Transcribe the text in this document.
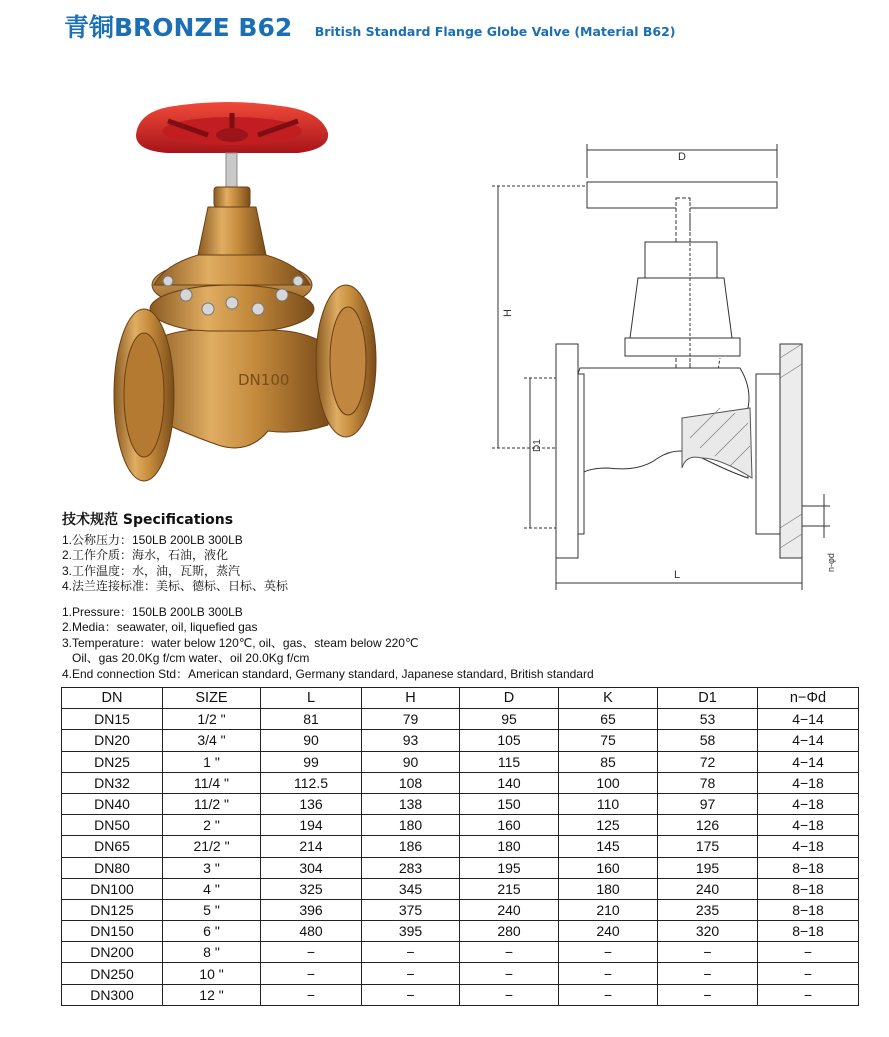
青铜BRONZE B62 British Standard Flange Globe Valve (Material B62)
DN100
D
H
D1
L
n-φd
技术规范 Specifications
1.公称压力：150LB 200LB 300LB
2.工作介质：海水，石油，液化
3.工作温度：水，油，瓦斯，蒸汽
4.法兰连接标准：美标、德标、日标、英标
1.Pressure：150LB 200LB 300LB
2.Media：seawater, oil, liquefied gas
3.Temperature：water below 120℃, oil、gas、steam below 220℃
Oil、gas 20.0Kg f/cm water、oil 20.0Kg f/cm
4.End connection Std：American standard, Germany standard, Japanese standard, British standard
DN	SIZE	L	H	D	K	D1	n−Φd
DN15	1/2 "	81	79	95	65	53	4−14
DN20	3/4 "	90	93	105	75	58	4−14
DN25	1 "	99	90	115	85	72	4−14
DN32	11/4 "	112.5	108	140	100	78	4−18
DN40	11/2 "	136	138	150	110	97	4−18
DN50	2 "	194	180	160	125	126	4−18
DN65	21/2 "	214	186	180	145	175	4−18
DN80	3 "	304	283	195	160	195	8−18
DN100	4 "	325	345	215	180	240	8−18
DN125	5 "	396	375	240	210	235	8−18
DN150	6 "	480	395	280	240	320	8−18
DN200	8 "	−	−	−	−	−	−
DN250	10 "	−	−	−	−	−	−
DN300	12 "	−	−	−	−	−	−
